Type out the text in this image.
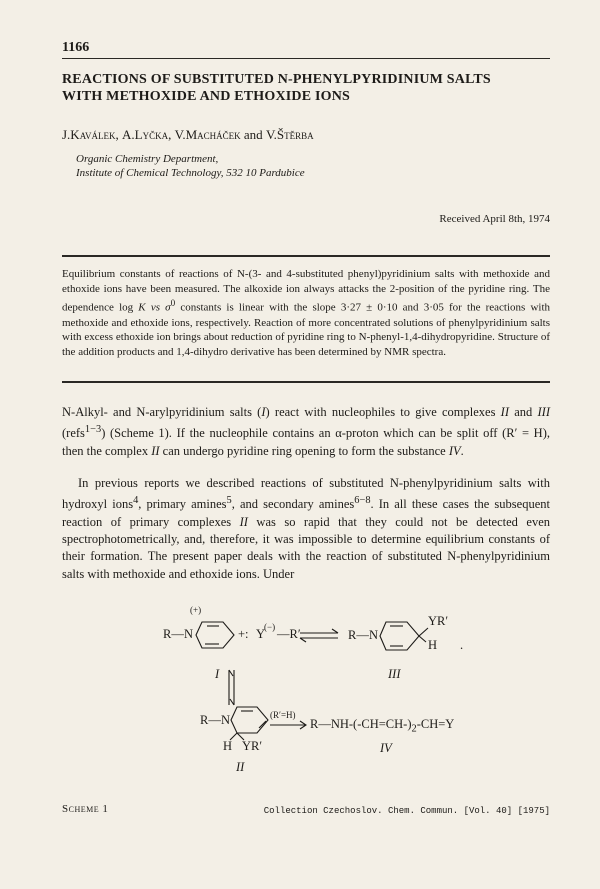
1166
REACTIONS OF SUBSTITUTED N-PHENYLPYRIDINIUM SALTS
WITH METHOXIDE AND ETHOXIDE IONS
J.Kaválek, A.Lyčka, V.Macháček and V.Štěrba
Organic Chemistry Department,
Institute of Chemical Technology, 532 10 Pardubice
Received April 8th, 1974

Equilibrium constants of reactions of N-(3- and 4-substituted phenyl)pyridinium salts with methoxide and ethoxide ions have been measured. The alkoxide ion always attacks the 2-position of the pyridine ring. The dependence log K vs $\sigma^0$ constants is linear with the slope 3·27 ± 0·10 and 3·05 for the reactions with methoxide and ethoxide ions, respectively. Reaction of more concentrated solutions of phenylpyridinium salts with excess ethoxide ion brings about reduction of pyridine ring to N-phenyl-1,4-dihydropyridine. Structure of the addition products and 1,4-dihydro derivative has been determined by NMR spectra.

N-Alkyl- and N-arylpyridinium salts (I) react with nucleophiles to give complexes II and III (refs$^{1-3}$) (Scheme 1). If the nucleophile contains an α-proton which can be split off (R′ = H), then the complex II can undergo pyridine ring opening to form the substance IV.

In previous reports we described reactions of substituted N-phenylpyridinium salts with hydroxyl ions$^4$, primary amines$^5$, and secondary amines$^{6-8}$. In all these cases the subsequent reaction of primary complexes II was so rapid that they could not be detected even spectrophotometrically, and, therefore, it was impossible to determine equilibrium constants of their formation. The present paper deals with the reaction of substituted N-phenylpyridinium salts with methoxide and ethoxide ions. Under

(+)
R— N	+: Y
(−) —R′	R— N
YR′
H .
I	III
R— N
H YR′
(R′=H)
$R—NH-(-CH=CH-)_2-CH=Y$
II
IV
Scheme 1	Collection Czechoslov. Chem. Commun. [Vol. 40] [1975]
